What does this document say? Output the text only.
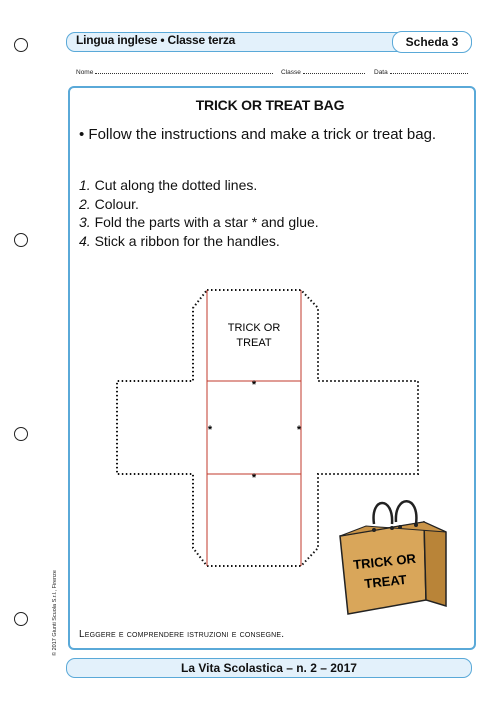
Lingua inglese • Classe terza	Scheda 3
Nome	Classe	Data
TRICK OR TREAT BAG
• Follow the instructions and make a trick or treat bag.
1. Cut along the dotted lines.
2. Colour.
3. Fold the parts with a star * and glue.
4. Stick a ribbon for the handles.
TRICK OR
TREAT
*
*	*
*
TRICK OR
TREAT
Leggere e comprendere istruzioni e consegne.
© 2017 Giunti Scuola S.r.l., Firenze
La Vita Scolastica – n. 2 – 2017
